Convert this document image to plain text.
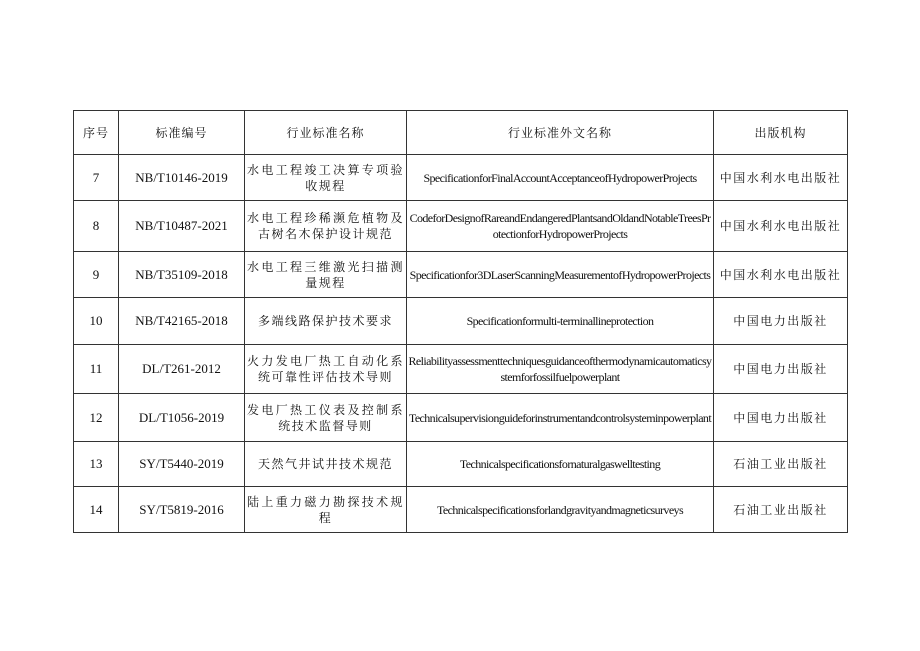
序号	标准编号	行业标准名称	行业标准外文名称	出版机构
7	NB/T10146-2019	水电工程竣工决算专项验收规程	SpecificationforFinalAccountAcceptanceofHydropowerProjects	中国水利水电出版社
8	NB/T10487-2021	水电工程珍稀濒危植物及古树名木保护设计规范	CodeforDesignofRareandEndangeredPlantsandOldandNotableTreesProtectionforHydropowerProjects	中国水利水电出版社
9	NB/T35109-2018	水电工程三维激光扫描测量规程	Specificationfor3DLaserScanningMeasurementofHydropowerProjects	中国水利水电出版社
10	NB/T42165-2018	多端线路保护技术要求	Specificationformulti-terminallineprotection	中国电力出版社
11	DL/T261-2012	火力发电厂热工自动化系统可靠性评估技术导则	Reliabilityassessmenttechniquesguidanceofthermodynamicautomaticsystemforfossilfuelpowerplant	中国电力出版社
12	DL/T1056-2019	发电厂热工仪表及控制系统技术监督导则	Technicalsupervisionguideforinstrumentandcontrolsysteminpowerplant	中国电力出版社
13	SY/T5440-2019	天然气井试井技术规范	Technicalspecificationsfornaturalgaswelltesting	石油工业出版社
14	SY/T5819-2016	陆上重力磁力勘探技术规程	Technicalspecificationsforlandgravityandmagneticsurveys	石油工业出版社
